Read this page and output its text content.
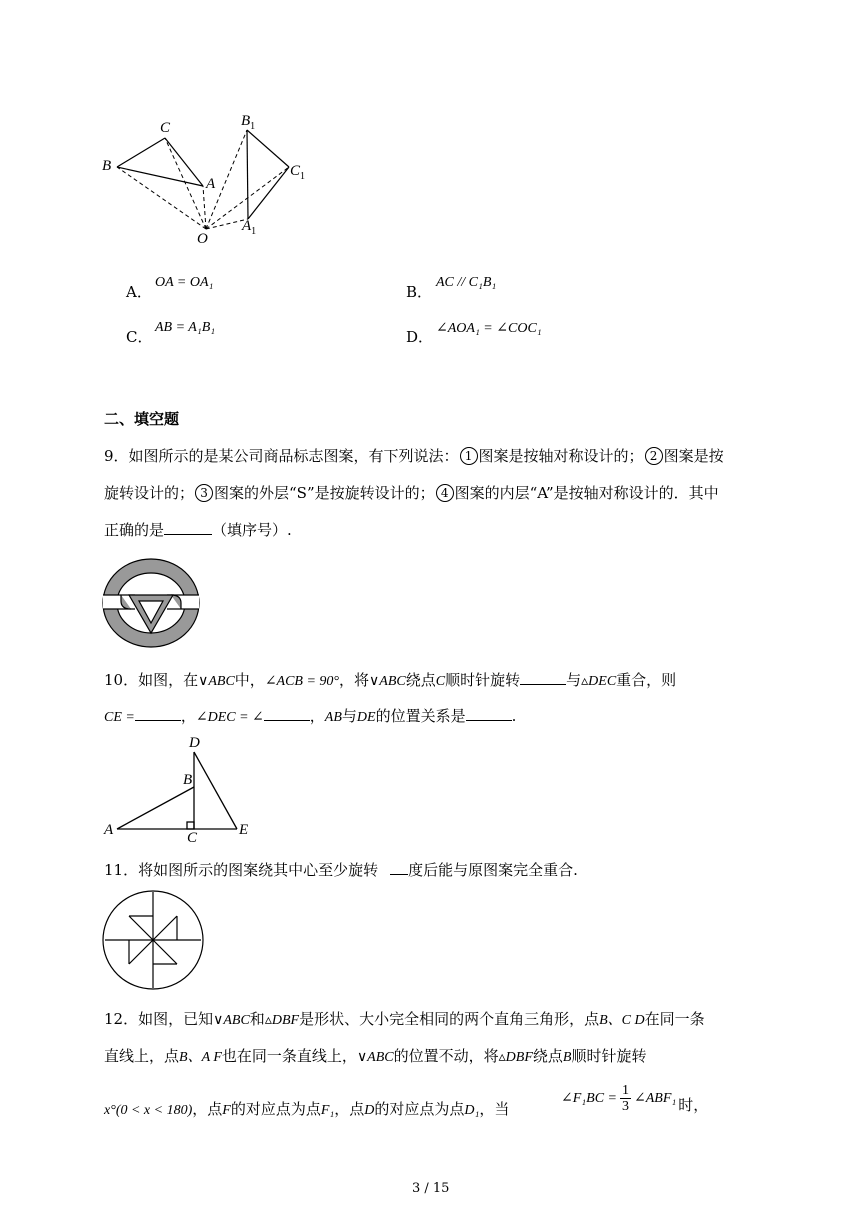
C
B
A
O
$B_1$
$C_1$
$A_1$
A．
OA = OA₁
B．
AC // C₁B₁
C．
AB = A₁B₁
D． ∠AOA₁ = ∠COC₁
二、填空题
9．如图所示的是某公司商品标志图案，有下列说法： 1 图案是按轴对称设计的； 2 图案是按
旋转设计的； 3 图案的外层“S”是按旋转设计的； 4 图案的内层“A”是按轴对称设计的．其中
正确的是	（填序号）.
10．如图，在∨ABC中，∠ACB = 90°，将∨ABC绕点C顺时针旋转	与▵DEC重合，则
CE =	，∠DEC = ∠	，AB与DE的位置关系是	.
D
B
A	C	E
11．将如图所示的图案绕其中心至少旋转 度后能与原图案完全重合.
12．如图，已知∨ABC和▵DBF是形状、大小完全相同的两个直角三角形，点B、C D在同一条
直线上，点B、A F也在同一条直线上，∨ABC的位置不动，将▵DBF绕点B顺时针旋转
x°(0 < x < 180)，点F的对应点为点F₁，点D的对应点为点D₁，当
∠F₁BC = $\frac{1}{3}$ ∠ABF₁ 时，
3 / 15
